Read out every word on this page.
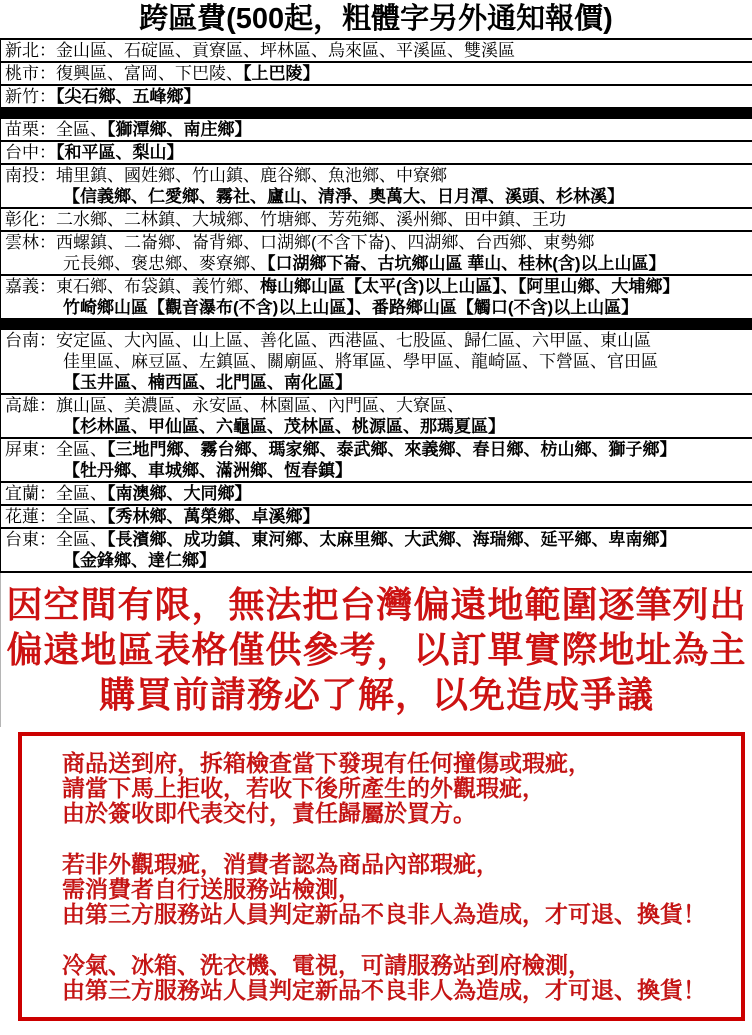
跨區費(500起，粗體字另外通知報價)
新北：金山區、石碇區、貢寮區、坪林區、烏來區、平溪區、雙溪區
桃市：復興區、富岡、下巴陵、【上巴陵】
新竹：【尖石鄉、五峰鄉】
苗栗：全區、【獅潭鄉、南庄鄉】
台中：【和平區、梨山】
南投：埔里鎮、國姓鄉、竹山鎮、鹿谷鄉、魚池鄉、中寮鄉
【信義鄉、仁愛鄉、霧社、廬山、清淨、奧萬大、日月潭、溪頭、杉林溪】
彰化：二水鄉、二林鎮、大城鄉、竹塘鄉、芳苑鄉、溪州鄉、田中鎮、王功
雲林：西螺鎮、二崙鄉、崙背鄉、口湖鄉(不含下崙)、四湖鄉、台西鄉、東勢鄉
元長鄉、褒忠鄉、麥寮鄉、【口湖鄉下崙、古坑鄉山區 華山、桂林(含)以上山區】
嘉義：東石鄉、布袋鎮、義竹鄉、梅山鄉山區【太平(含)以上山區】、【阿里山鄉、大埔鄉】
竹崎鄉山區【觀音瀑布(不含)以上山區】、番路鄉山區【觸口(不含)以上山區】
台南：安定區、大內區、山上區、善化區、西港區、七股區、歸仁區、六甲區、東山區
佳里區、麻豆區、左鎮區、關廟區、將軍區、學甲區、龍崎區、下營區、官田區
【玉井區、楠西區、北門區、南化區】
高雄：旗山區、美濃區、永安區、林園區、內門區、大寮區、
【杉林區、甲仙區、六龜區、茂林區、桃源區、那瑪夏區】
屏東：全區、【三地門鄉、霧台鄉、瑪家鄉、泰武鄉、來義鄉、春日鄉、枋山鄉、獅子鄉】
【牡丹鄉、車城鄉、滿洲鄉、恆春鎮】
宜蘭：全區、【南澳鄉、大同鄉】
花蓮：全區、【秀林鄉、萬榮鄉、卓溪鄉】
台東：全區、【長濱鄉、成功鎮、東河鄉、太麻里鄉、大武鄉、海瑞鄉、延平鄉、卑南鄉】
【金鋒鄉、達仁鄉】
因空間有限，無法把台灣偏遠地範圍逐筆列出
偏遠地區表格僅供參考，以訂單實際地址為主
購買前請務必了解，以免造成爭議
商品送到府，拆箱檢查當下發現有任何撞傷或瑕疵，
請當下馬上拒收，若收下後所產生的外觀瑕疵，
由於簽收即代表交付，責任歸屬於買方。
若非外觀瑕疵，消費者認為商品內部瑕疵，
需消費者自行送服務站檢測，
由第三方服務站人員判定新品不良非人為造成，才可退、換貨！
冷氣、冰箱、洗衣機、電視，可請服務站到府檢測，
由第三方服務站人員判定新品不良非人為造成，才可退、換貨！
